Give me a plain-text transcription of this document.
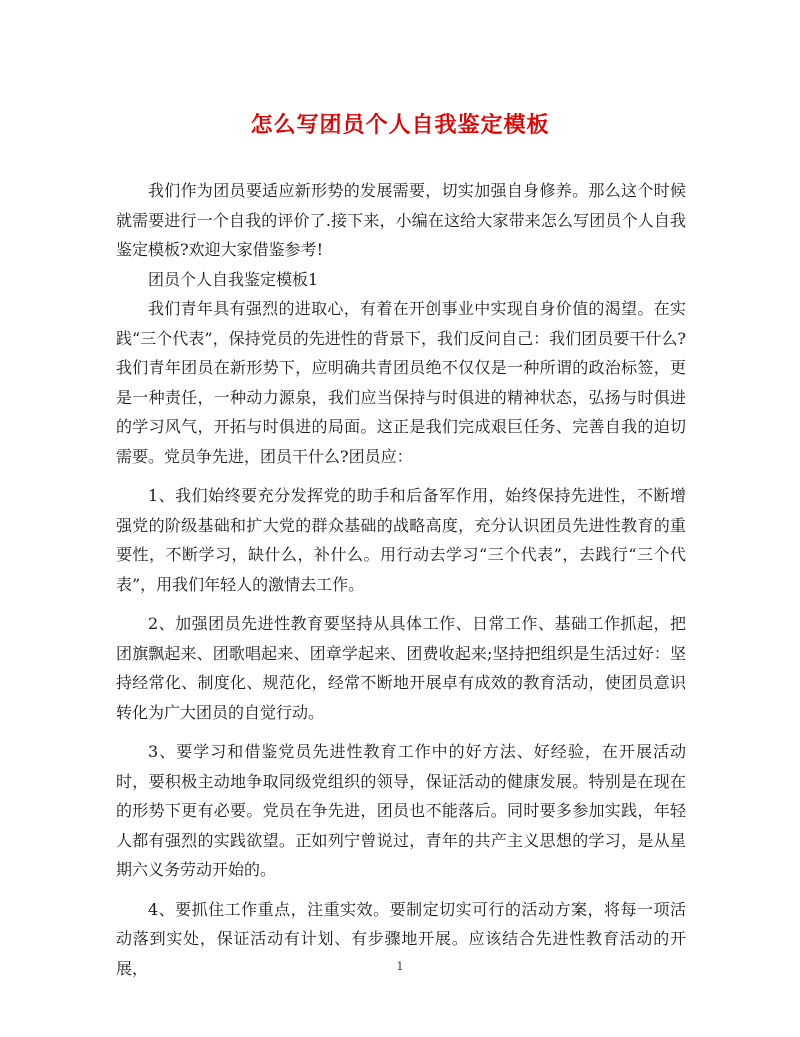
怎么写团员个人自我鉴定模板

我们作为团员要适应新形势的发展需要，切实加强自身修养。那么这个时候就需要进行一个自我的评价了.接下来，小编在这给大家带来怎么写团员个人自我鉴定模板?欢迎大家借鉴参考!

团员个人自我鉴定模板1

我们青年具有强烈的进取心，有着在开创事业中实现自身价值的渴望。在实践“三个代表”，保持党员的先进性的背景下，我们反问自己：我们团员要干什么?我们青年团员在新形势下，应明确共青团员绝不仅仅是一种所谓的政治标签，更是一种责任，一种动力源泉，我们应当保持与时俱进的精神状态，弘扬与时俱进的学习风气，开拓与时俱进的局面。这正是我们完成艰巨任务、完善自我的迫切需要。党员争先进，团员干什么?团员应：

1、我们始终要充分发挥党的助手和后备军作用，始终保持先进性，不断增强党的阶级基础和扩大党的群众基础的战略高度，充分认识团员先进性教育的重要性，不断学习，缺什么，补什么。用行动去学习“三个代表”，去践行“三个代表”，用我们年轻人的激情去工作。

2、加强团员先进性教育要坚持从具体工作、日常工作、基础工作抓起，把团旗飘起来、团歌唱起来、团章学起来、团费收起来;坚持把组织是生活过好：坚持经常化、制度化、规范化，经常不断地开展卓有成效的教育活动，使团员意识转化为广大团员的自觉行动。

3、要学习和借鉴党员先进性教育工作中的好方法、好经验，在开展活动时，要积极主动地争取同级党组织的领导，保证活动的健康发展。特别是在现在的形势下更有必要。党员在争先进，团员也不能落后。同时要多参加实践，年轻人都有强烈的实践欲望。正如列宁曾说过，青年的共产主义思想的学习，是从星期六义务劳动开始的。

4、要抓住工作重点，注重实效。要制定切实可行的活动方案，将每一项活动落到实处，保证活动有计划、有步骤地开展。应该结合先进性教育活动的开展，	1
